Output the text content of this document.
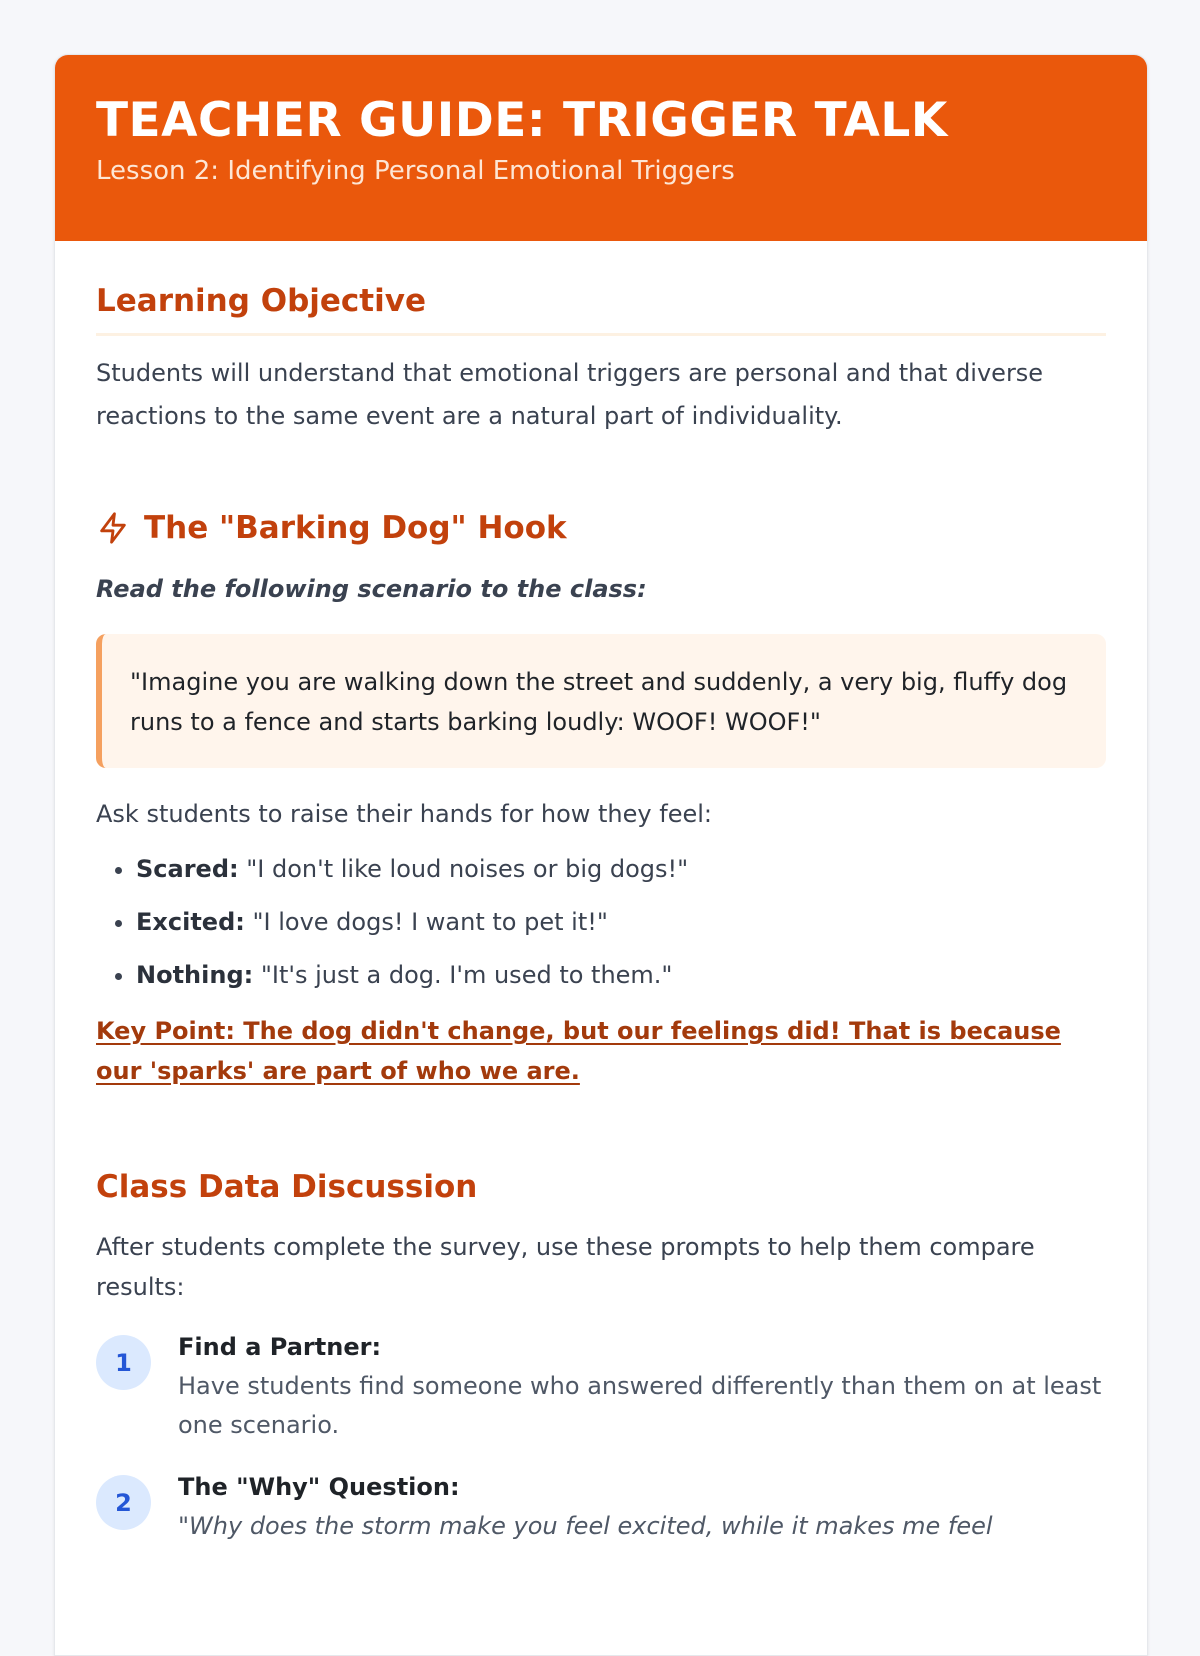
TEACHER GUIDE: TRIGGER TALK
Lesson 2: Identifying Personal Emotional Triggers
Learning Objective

Students will understand that emotional triggers are personal and that diverse reactions to the same event are a natural part of individuality.

The "Barking Dog" Hook
Read the following scenario to the class:
"Imagine you are walking down the street and suddenly, a very big, fluffy dog runs to a fence and starts barking loudly: WOOF! WOOF!"
Ask students to raise their hands for how they feel:
• Scared: "I don't like loud noises or big dogs!"
• Excited: "I love dogs! I want to pet it!"
• Nothing: "It's just a dog. I'm used to them."
Key Point: The dog didn't change, but our feelings did! That is because our 'sparks' are part of who we are.
Class Data Discussion

After students complete the survey, use these prompts to help them compare results:

1
Find a Partner:
Have students find someone who answered differently than them on at least one scenario.
2
The "Why" Question:
"Why does the storm make you feel excited, while it makes me feel
